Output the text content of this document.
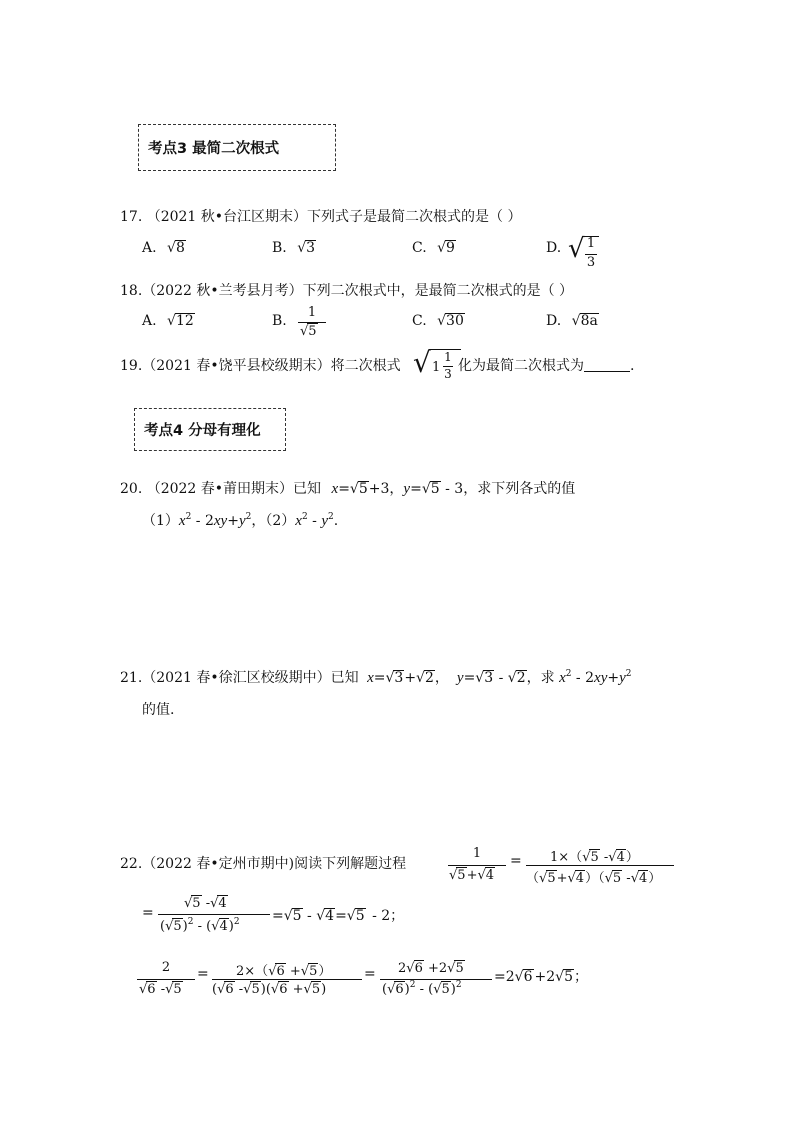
考点3 最简二次根式
17. （2021 秋•台江区期末）下列式子是最简二次根式的是（ ）
A. √8	B. √3	C. √9	D. √ 1
3
18.（2022 秋•兰考县月考）下列二次根式中，是最简二次根式的是（ ）
A. √12	B.
1
√5
C. √30	D. √8a
19.（2021 春•饶平县校级期末）将二次根式 √ 1
1
3 化为最简二次根式为	.
考点4 分母有理化
20. （2022 春•莆田期末）已知 x=√5+3，y=√5 - 3，求下列各式的值
$(1)x^2 - 2xy+y^2$，$(2)x^2 - y^2$.
21.（2021 春•徐汇区校级期中）已知 x=√3+√2， y=√3 - √2，求 $x^2 - 2xy+y^2$
的值.
22.（2022 春•定州市期中)阅读下列解题过程
1
√5+√4
= 1×（√5 -√4）
（√5+√4）（√5 -√4）
=
√5 -√4
$(√5)^2 - (√4)^2 =√5 - √4=√5 - 2$；
2
√6 -√5
= 2×（√6 +√5）
(√6 -√5)(√6 +√5)
= 2√6 +2√5
$(√6)^2 - (√5)^2 =2√6 +2√5$；
